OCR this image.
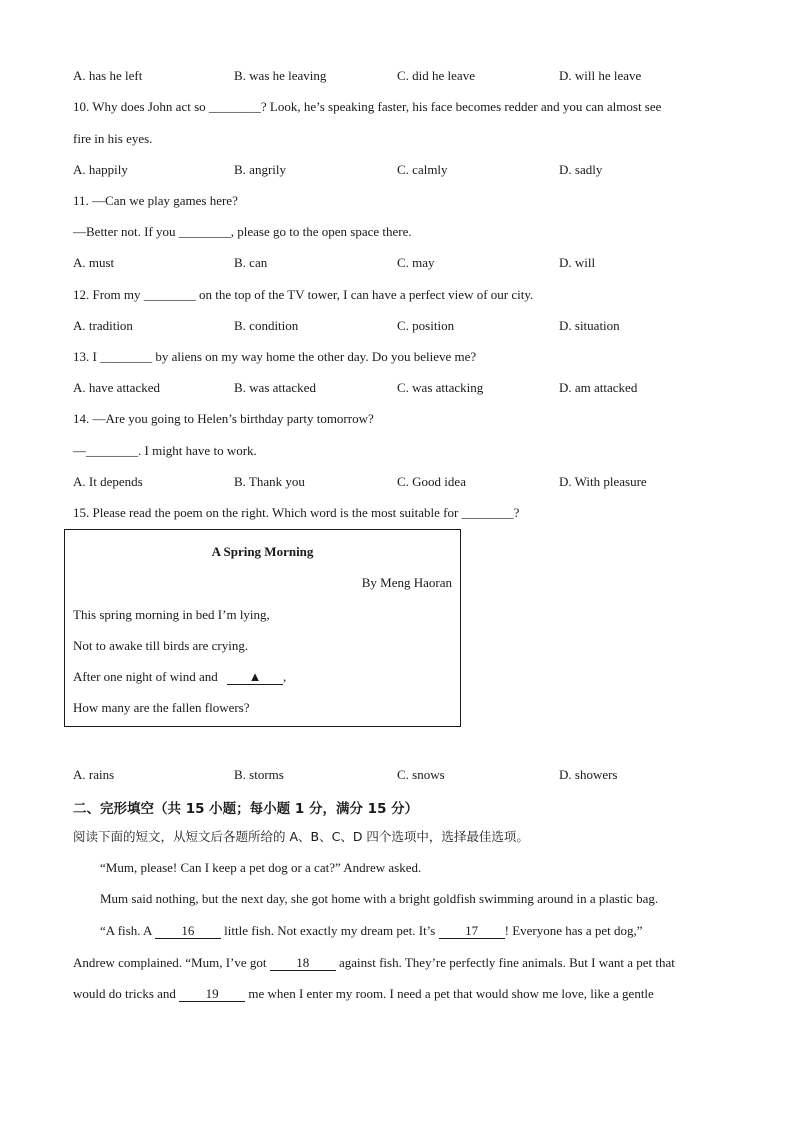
A. has he left	B. was he leaving	C. did he leave	D. will he leave
10. Why does John act so ________? Look, he’s speaking faster, his face becomes redder and you can almost see
fire in his eyes.
A. happily	B. angrily	C. calmly	D. sadly
11. —Can we play games here?
—Better not. If you ________, please go to the open space there.
A. must	B. can	C. may	D. will
12. From my ________ on the top of the TV tower, I can have a perfect view of our city.
A. tradition	B. condition	C. position	D. situation
13. I ________ by aliens on my way home the other day. Do you believe me?
A. have attacked	B. was attacked	C. was attacking	D. am attacked
14. —Are you going to Helen’s birthday party tomorrow?
—________. I might have to work.
A. It depends	B. Thank you	C. Good idea	D. With pleasure
15. Please read the poem on the right. Which word is the most suitable for ________?
A Spring Morning
By Meng Haoran
This spring morning in bed I’m lying,
Not to awake till birds are crying.
After one night of wind and ▲ ,
How many are the fallen flowers?
A. rains	B. storms	C. snows	D. showers
二、完形填空（共 15 小题；每小题 1 分，满分 15 分）
阅读下面的短文，从短文后各题所给的 A、B、C、D 四个选项中，选择最佳选项。
“Mum, please! Can I keep a pet dog or a cat?” Andrew asked.
Mum said nothing, but the next day, she got home with a bright goldfish swimming around in a plastic bag.
“A fish. A 16 little fish. Not exactly my dream pet. It’s 17 ! Everyone has a pet dog,”
Andrew complained. “Mum, I’ve got 18 against fish. They’re perfectly fine animals. But I want a pet that
would do tricks and 19 me when I enter my room. I need a pet that would show me love, like a gentle
